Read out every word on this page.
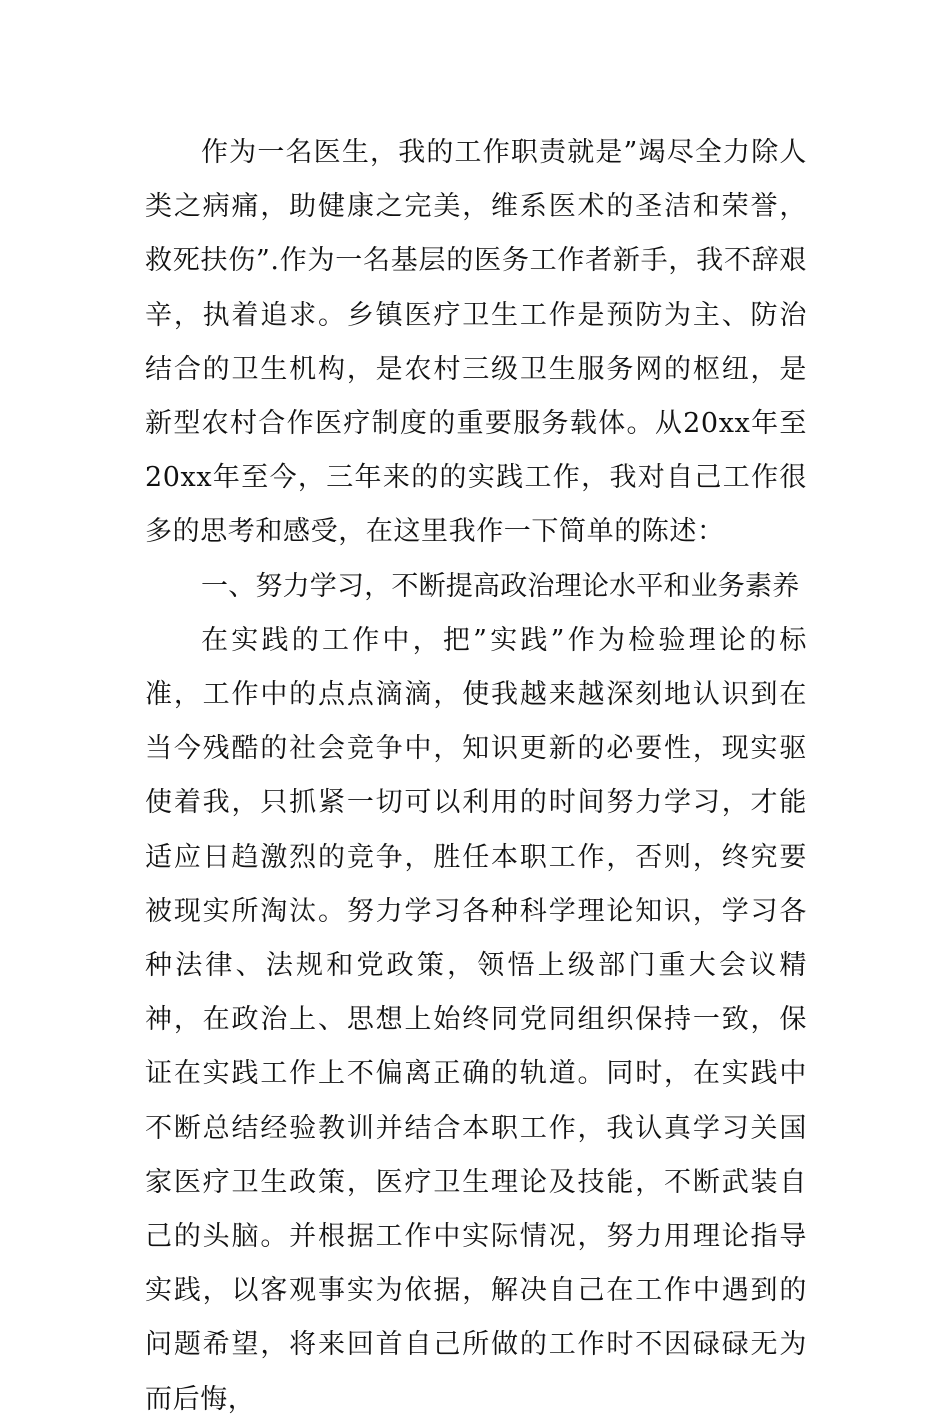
作为一名医生，我的工作职责就是”竭尽全力除人类之病痛，助健康之完美，维系医术的圣洁和荣誉，救死扶伤”.作为一名基层的医务工作者新手，我不辞艰辛，执着追求。乡镇医疗卫生工作是预防为主、防治结合的卫生机构，是农村三级卫生服务网的枢纽，是新型农村合作医疗制度的重要服务载体。从20xx年至20xx年至今，三年来的的实践工作，我对自己工作很多的思考和感受，在这里我作一下简单的陈述：

一、努力学习，不断提高政治理论水平和业务素养

在实践的工作中，把”实践”作为检验理论的标准，工作中的点点滴滴，使我越来越深刻地认识到在当今残酷的社会竞争中，知识更新的必要性，现实驱使着我，只抓紧一切可以利用的时间努力学习，才能适应日趋激烈的竞争，胜任本职工作，否则，终究要被现实所淘汰。努力学习各种科学理论知识，学习各种法律、法规和党政策，领悟上级部门重大会议精神，在政治上、思想上始终同党同组织保持一致，保证在实践工作上不偏离正确的轨道。同时，在实践中不断总结经验教训并结合本职工作，我认真学习关国家医疗卫生政策，医疗卫生理论及技能，不断武装自己的头脑。并根据工作中实际情况，努力用理论指导实践，以客观事实为依据，解决自己在工作中遇到的问题希望，将来回首自己所做的工作时不因碌碌无为而后悔，
